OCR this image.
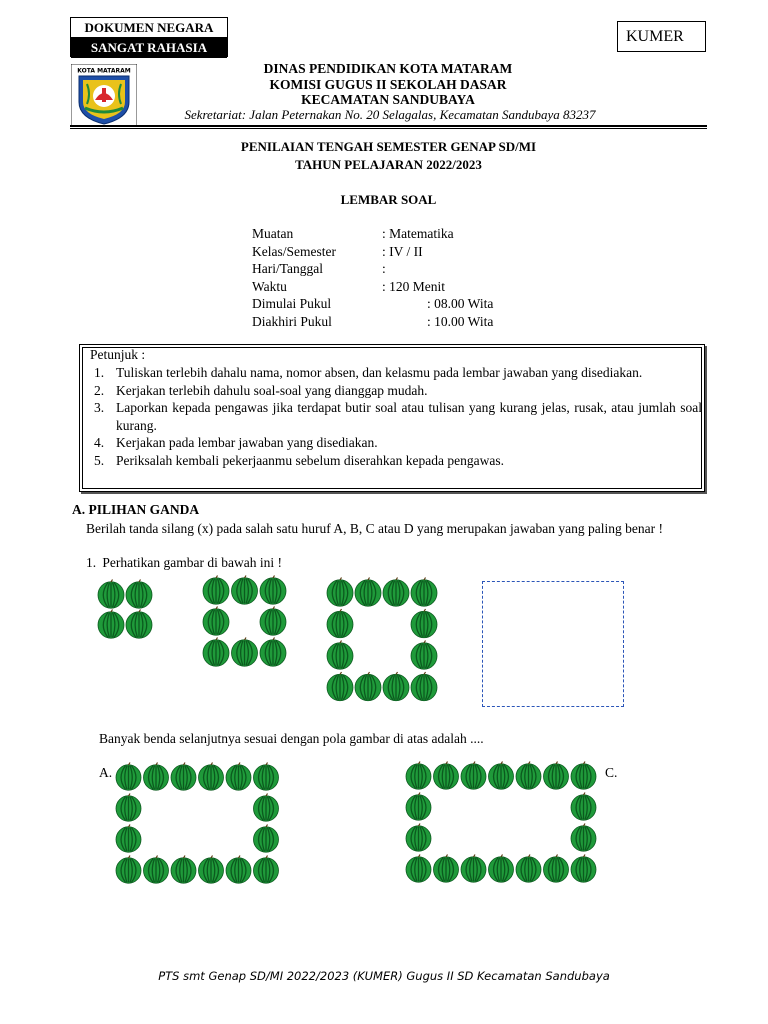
DOKUMEN NEGARA
SANGAT RAHASIA
KUMER
KOTA MATARAM	DINAS PENDIDIKAN KOTA MATARAM
KOMISI GUGUS II SEKOLAH DASAR
KECAMATAN SANDUBAYA
Sekretariat: Jalan Peternakan No. 20 Selagalas, Kecamatan Sandubaya 83237
PENILAIAN TENGAH SEMESTER GENAP SD/MI
TAHUN PELAJARAN 2022/2023
LEMBAR SOAL
Muatan	: Matematika
Kelas/Semester	: IV / II
Hari/Tanggal	:
Waktu	: 120 Menit
Dimulai Pukul	: 08.00 Wita
Diakhiri Pukul	: 10.00 Wita
Petunjuk :
1. Tuliskan terlebih dahalu nama, nomor absen, dan kelasmu pada lembar jawaban yang disediakan.
2. Kerjakan terlebih dahulu soal-soal yang dianggap mudah.
3. Laporkan kepada pengawas jika terdapat butir soal atau tulisan yang kurang jelas, rusak, atau jumlah soal kurang.
4. Kerjakan pada lembar jawaban yang disediakan.
5. Periksalah kembali pekerjaanmu sebelum diserahkan kepada pengawas.
A. PILIHAN GANDA
Berilah tanda silang (x) pada salah satu huruf A, B, C atau D yang merupakan jawaban yang paling benar !
1. Perhatikan gambar di bawah ini !
Banyak benda selanjutnya sesuai dengan pola gambar di atas adalah ....
A.	C.
PTS smt Genap SD/MI 2022/2023 (KUMER) Gugus II SD Kecamatan Sandubaya
